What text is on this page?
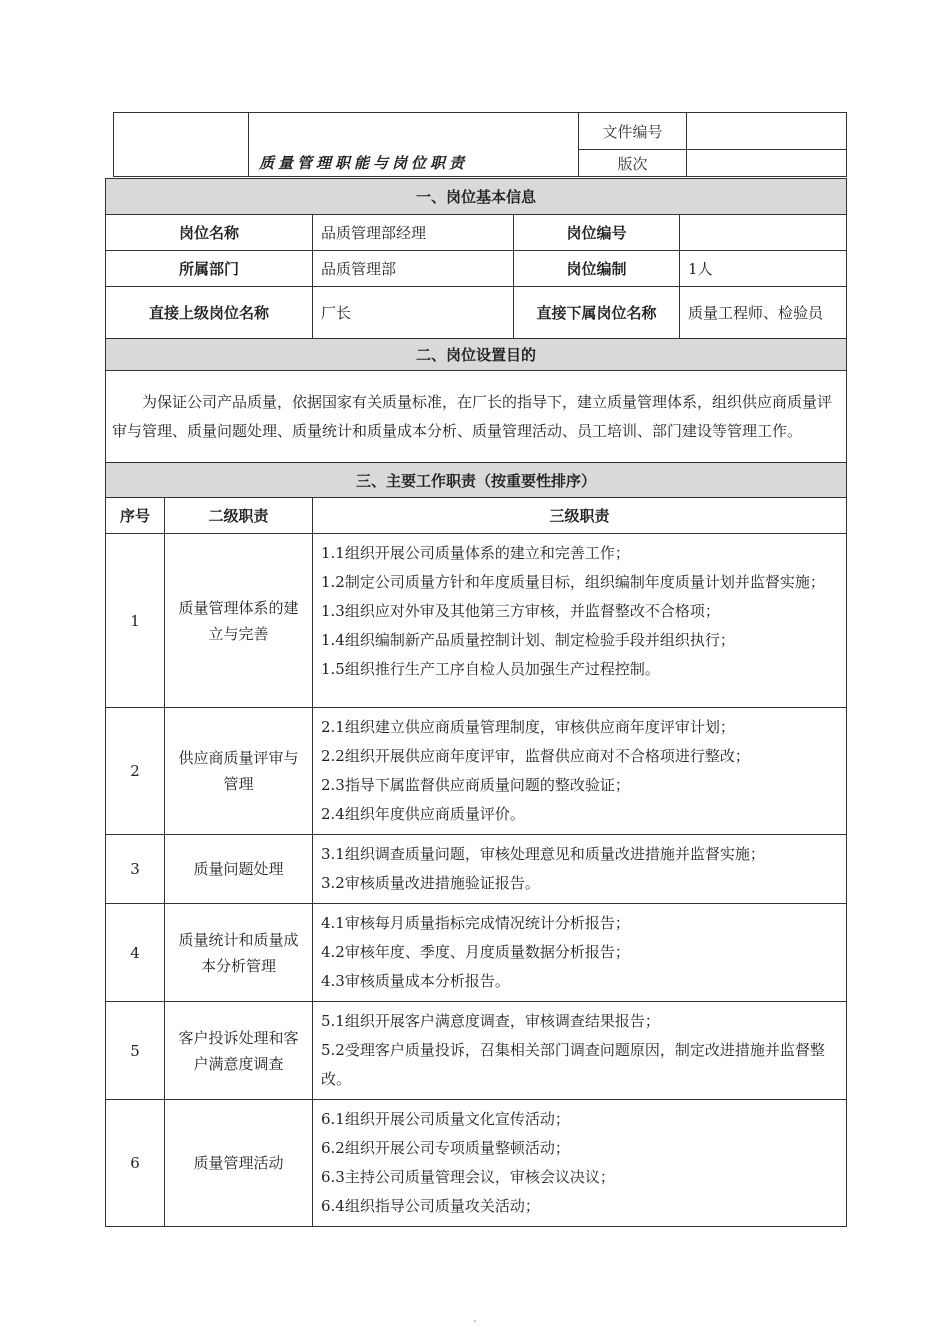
	质量管理职能与岗位职责	文件编号	
		版次	
一、岗位基本信息				
岗位名称		品质管理部经理	岗位编号	
所属部门		品质管理部	岗位编制	1人
直接上级岗位名称		厂长	直接下属岗位名称	质量工程师、检验员
二、岗位设置目的				
为保证公司产品质量，依据国家有关质量标准，在厂长的指导下，建立质量管理体系，组织供应商质量评审与管理、质量问题处理、质量统计和质量成本分析、质量管理活动、员工培训、部门建设等管理工作。				
三、主要工作职责（按重要性排序）				
序号	二级职责	三级职责		
1	质量管理体系的建立与完善	1.1组织开展公司质量体系的建立和完善工作；
1.2制定公司质量方针和年度质量目标，组织编制年度质量计划并监督实施；
1.3组织应对外审及其他第三方审核，并监督整改不合格项；
1.4组织编制新产品质量控制计划、制定检验手段并组织执行；
1.5组织推行生产工序自检人员加强生产过程控制。		

2	供应商质量评审与管理	2.1组织建立供应商质量管理制度，审核供应商年度评审计划；
2.2组织开展供应商年度评审，监督供应商对不合格项进行整改；
2.3指导下属监督供应商质量问题的整改验证；
2.4组织年度供应商质量评价。		

3	质量问题处理	3.1组织调查质量问题，审核处理意见和质量改进措施并监督实施；
3.2审核质量改进措施验证报告。		

4	质量统计和质量成本分析管理	4.1审核每月质量指标完成情况统计分析报告；
4.2审核年度、季度、月度质量数据分析报告；
4.3审核质量成本分析报告。		

5	客户投诉处理和客户满意度调查	5.1组织开展客户满意度调查，审核调查结果报告；
5.2受理客户质量投诉，召集相关部门调查问题原因，制定改进措施并监督整改。		

6	质量管理活动	6.1组织开展公司质量文化宣传活动；
6.2组织开展公司专项质量整顿活动；
6.3主持公司质量管理会议，审核会议决议；
6.4组织指导公司质量攻关活动；		
